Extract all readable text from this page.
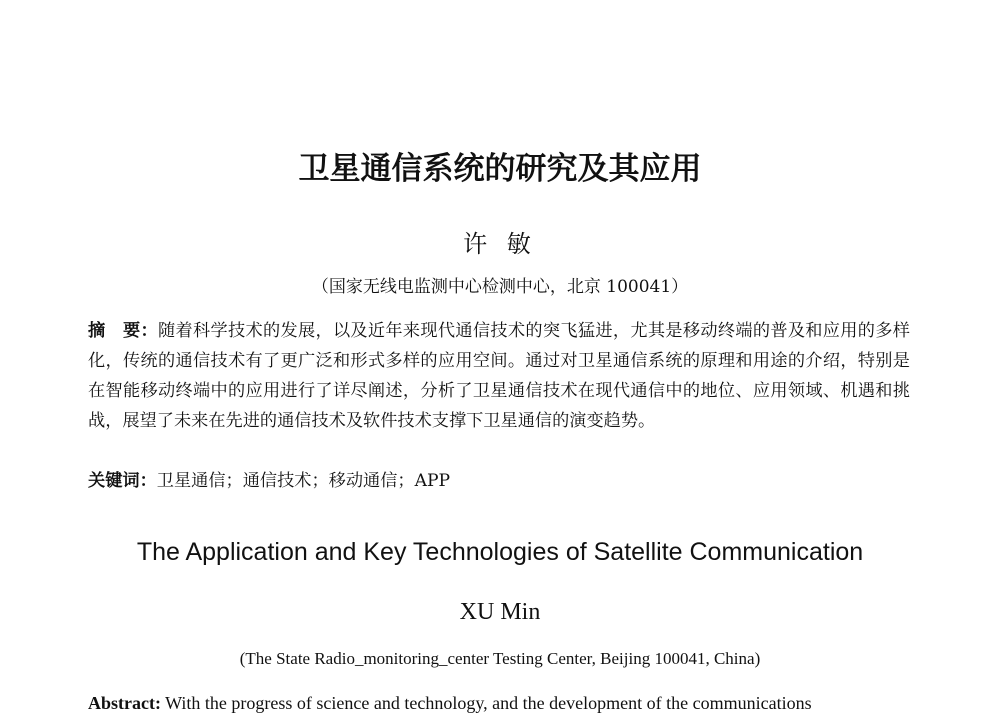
卫星通信系统的研究及其应用
许 敏
（国家无线电监测中心检测中心，北京 100041）
摘　要：随着科学技术的发展，以及近年来现代通信技术的突飞猛进，尤其是移动终端的普及和应用的多样化，传统的通信技术有了更广泛和形式多样的应用空间。通过对卫星通信系统的原理和用途的介绍，特别是在智能移动终端中的应用进行了详尽阐述，分析了卫星通信技术在现代通信中的地位、应用领域、机遇和挑战，展望了未来在先进的通信技术及软件技术支撑下卫星通信的演变趋势。
关键词：卫星通信；通信技术；移动通信；APP
The Application and Key Technologies of Satellite Communication
XU Min
(The State Radio_monitoring_center Testing Center, Beijing 100041, China)
Abstract: With the progress of science and technology, and the development of the communications
